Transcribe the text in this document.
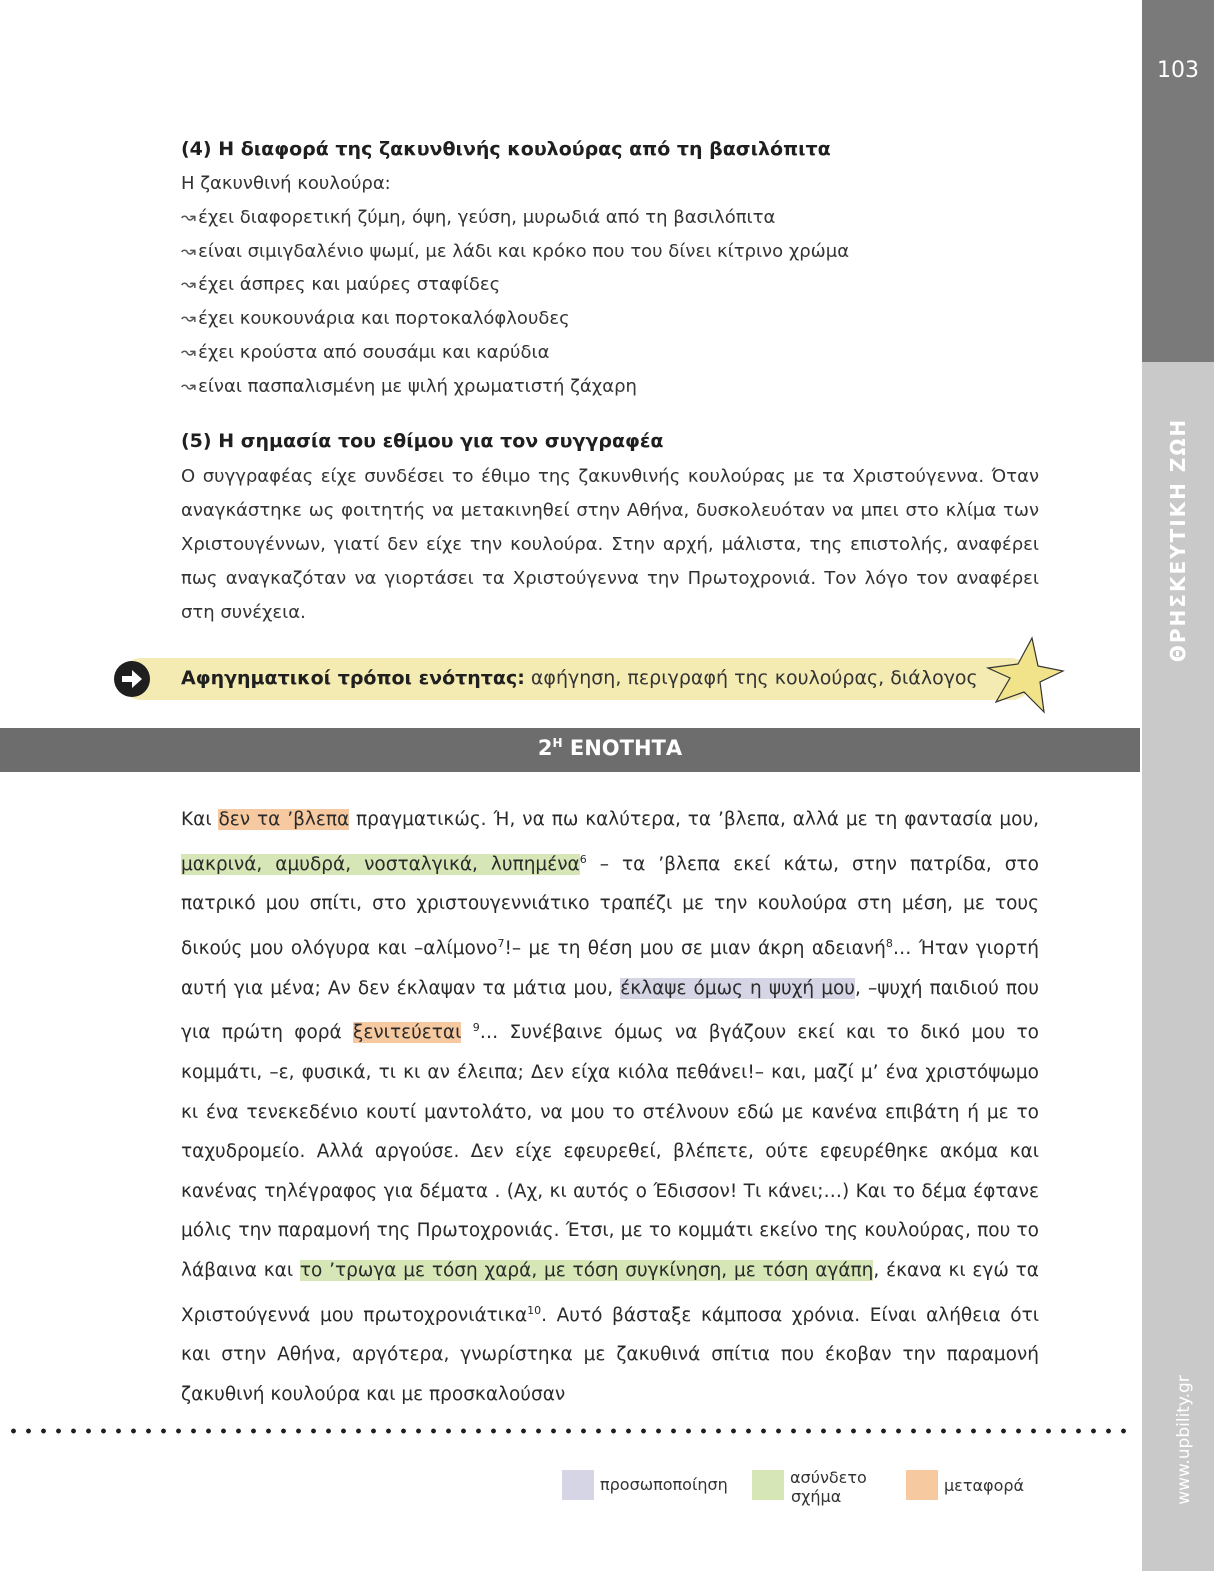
103
ΘΡΗΣΚΕΥΤΙΚΗ ΖΩΗ
www.upbility.gr
(4) Η διαφορά της ζακυνθινής κουλούρας από τη βασιλόπιτα
Η ζακυνθινή κουλούρα:
↝ έχει διαφορετική ζύμη, όψη, γεύση, μυρωδιά από τη βασιλόπιτα
↝ είναι σιμιγδαλένιο ψωμί, με λάδι και κρόκο που του δίνει κίτρινο χρώμα
↝ έχει άσπρες και μαύρες σταφίδες
↝ έχει κουκουνάρια και πορτοκαλόφλουδες
↝ έχει κρούστα από σουσάμι και καρύδια
↝ είναι πασπαλισμένη με ψιλή χρωματιστή ζάχαρη
(5) Η σημασία του εθίμου για τον συγγραφέα
Ο συγγραφέας είχε συνδέσει το έθιμο της ζακυνθινής κουλούρας με τα Χριστούγεννα. Όταν αναγκάστηκε ως φοιτητής να μετακινηθεί στην Αθήνα, δυσκολευόταν να μπει στο κλίμα των Χριστουγέννων, γιατί δεν είχε την κουλούρα. Στην αρχή, μάλιστα, της επιστολής, αναφέρει πως αναγκαζόταν να γιορτάσει τα Χριστούγεννα την Πρωτοχρονιά. Τον λόγο τον αναφέρει στη συνέχεια.
Αφηγηματικοί τρόποι ενότητας: αφήγηση, περιγραφή της κουλούρας, διάλογος
$2^H$ ΕΝΟΤΗΤΑ
Και δεν τα ’βλεπα πραγματικώς. Ή, να πω καλύτερα, τα ’βλεπα, αλλά με τη φαντασία μου, μακρινά, αμυδρά, νοσταλγικά, λυπημένα$^6$ – τα ’βλεπα εκεί κάτω, στην πατρίδα, στο πατρικό μου σπίτι, στο χριστουγεννιάτικο τραπέζι με την κουλούρα στη μέση, με τους δικούς μου ολόγυρα και –αλίμονο$^7$!– με τη θέση μου σε μιαν άκρη αδειανή$^8$… Ήταν γιορτή αυτή για μένα; Αν δεν έκλαψαν τα μάτια μου, έκλαψε όμως η ψυχή μου, –ψυχή παιδιού που για πρώτη φορά ξενιτεύεται $^9$… Συνέβαινε όμως να βγάζουν εκεί και το δικό μου το κομμάτι, –ε, φυσικά, τι κι αν έλειπα; Δεν είχα κιόλα πεθάνει!– και, μαζί μ’ ένα χριστόψωμο κι ένα τενεκεδένιο κουτί μαντολάτο, να μου το στέλνουν εδώ με κανένα επιβάτη ή με το ταχυδρομείο. Αλλά αργούσε. Δεν είχε εφευρεθεί, βλέπετε, ούτε εφευρέθηκε ακόμα και κανένας τηλέγραφος για δέματα . (Αχ, κι αυτός ο Έδισσον! Τι κάνει;…) Και το δέμα έφτανε μόλις την παραμονή της Πρωτοχρονιάς. Έτσι, με το κομμάτι εκείνο της κουλούρας, που το λάβαινα και το ’τρωγα με τόση χαρά, με τόση συγκίνηση, με τόση αγάπη, έκανα κι εγώ τα Χριστούγεννά μου πρωτοχρονιάτικα$^{10}$. Αυτό βάσταξε κάμποσα χρόνια. Είναι αλήθεια ότι και στην Αθήνα, αργότερα, γνωρίστηκα με ζακυθινά σπίτια που έκοβαν την παραμονή ζακυθινή κουλούρα και με προσκαλούσαν
προσωποποίηση	ασύνδετο
σχήμα
μεταφορά
